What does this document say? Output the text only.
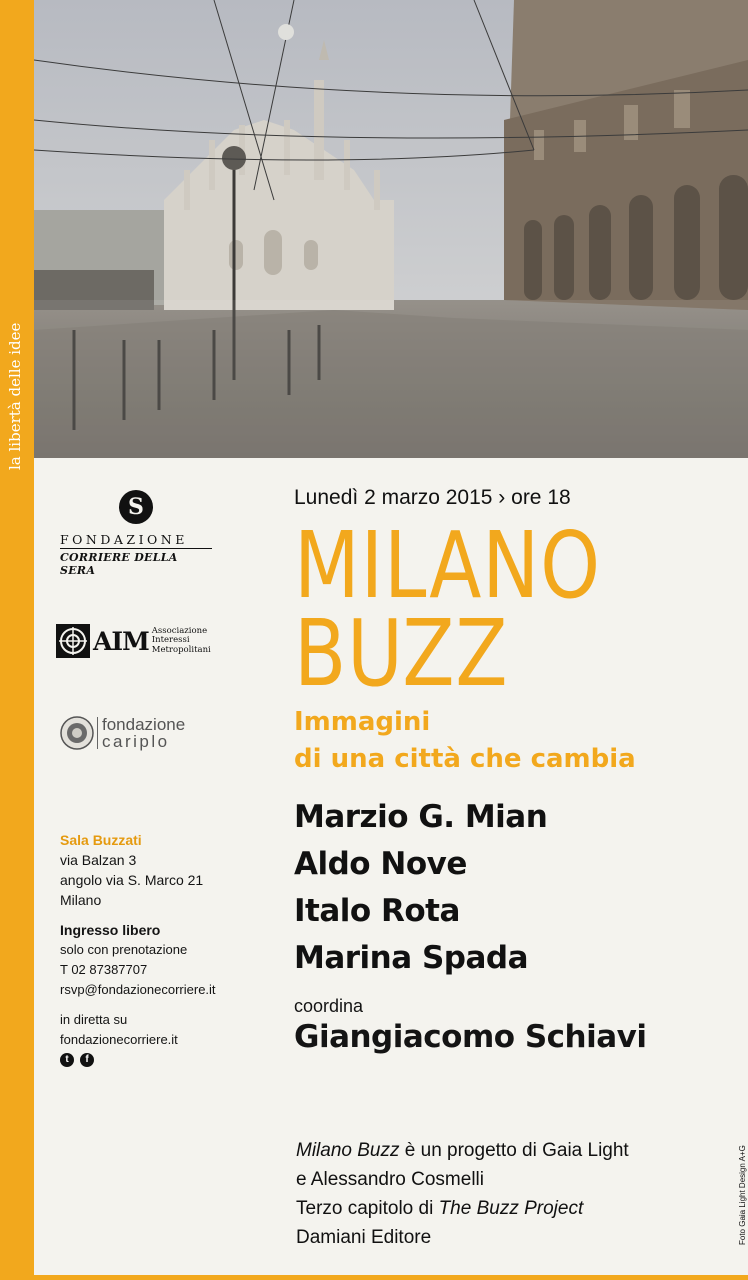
la libertà delle idee
S
FONDAZIONE
CORRIERE DELLA SERA
AIM Associazione
Interessi
Metropolitani
fondazione
cariplo
Sala Buzzati
via Balzan 3
angolo via S. Marco 21
Milano
Ingresso libero
solo con prenotazione
T 02 87387707
rsvp@fondazionecorriere.it
in diretta su
fondazionecorriere.it
t	f
Lunedì 2 marzo 2015 › ore 18
MILANO
BUZZ
Immagini
di una città che cambia
Marzio G. Mian
Aldo Nove
Italo Rota
Marina Spada
coordina
Giangiacomo Schiavi
Milano Buzz è un progetto di Gaia Light
e Alessandro Cosmelli
Terzo capitolo di The Buzz Project
Damiani Editore	Foto Gaia Light Design A+G
